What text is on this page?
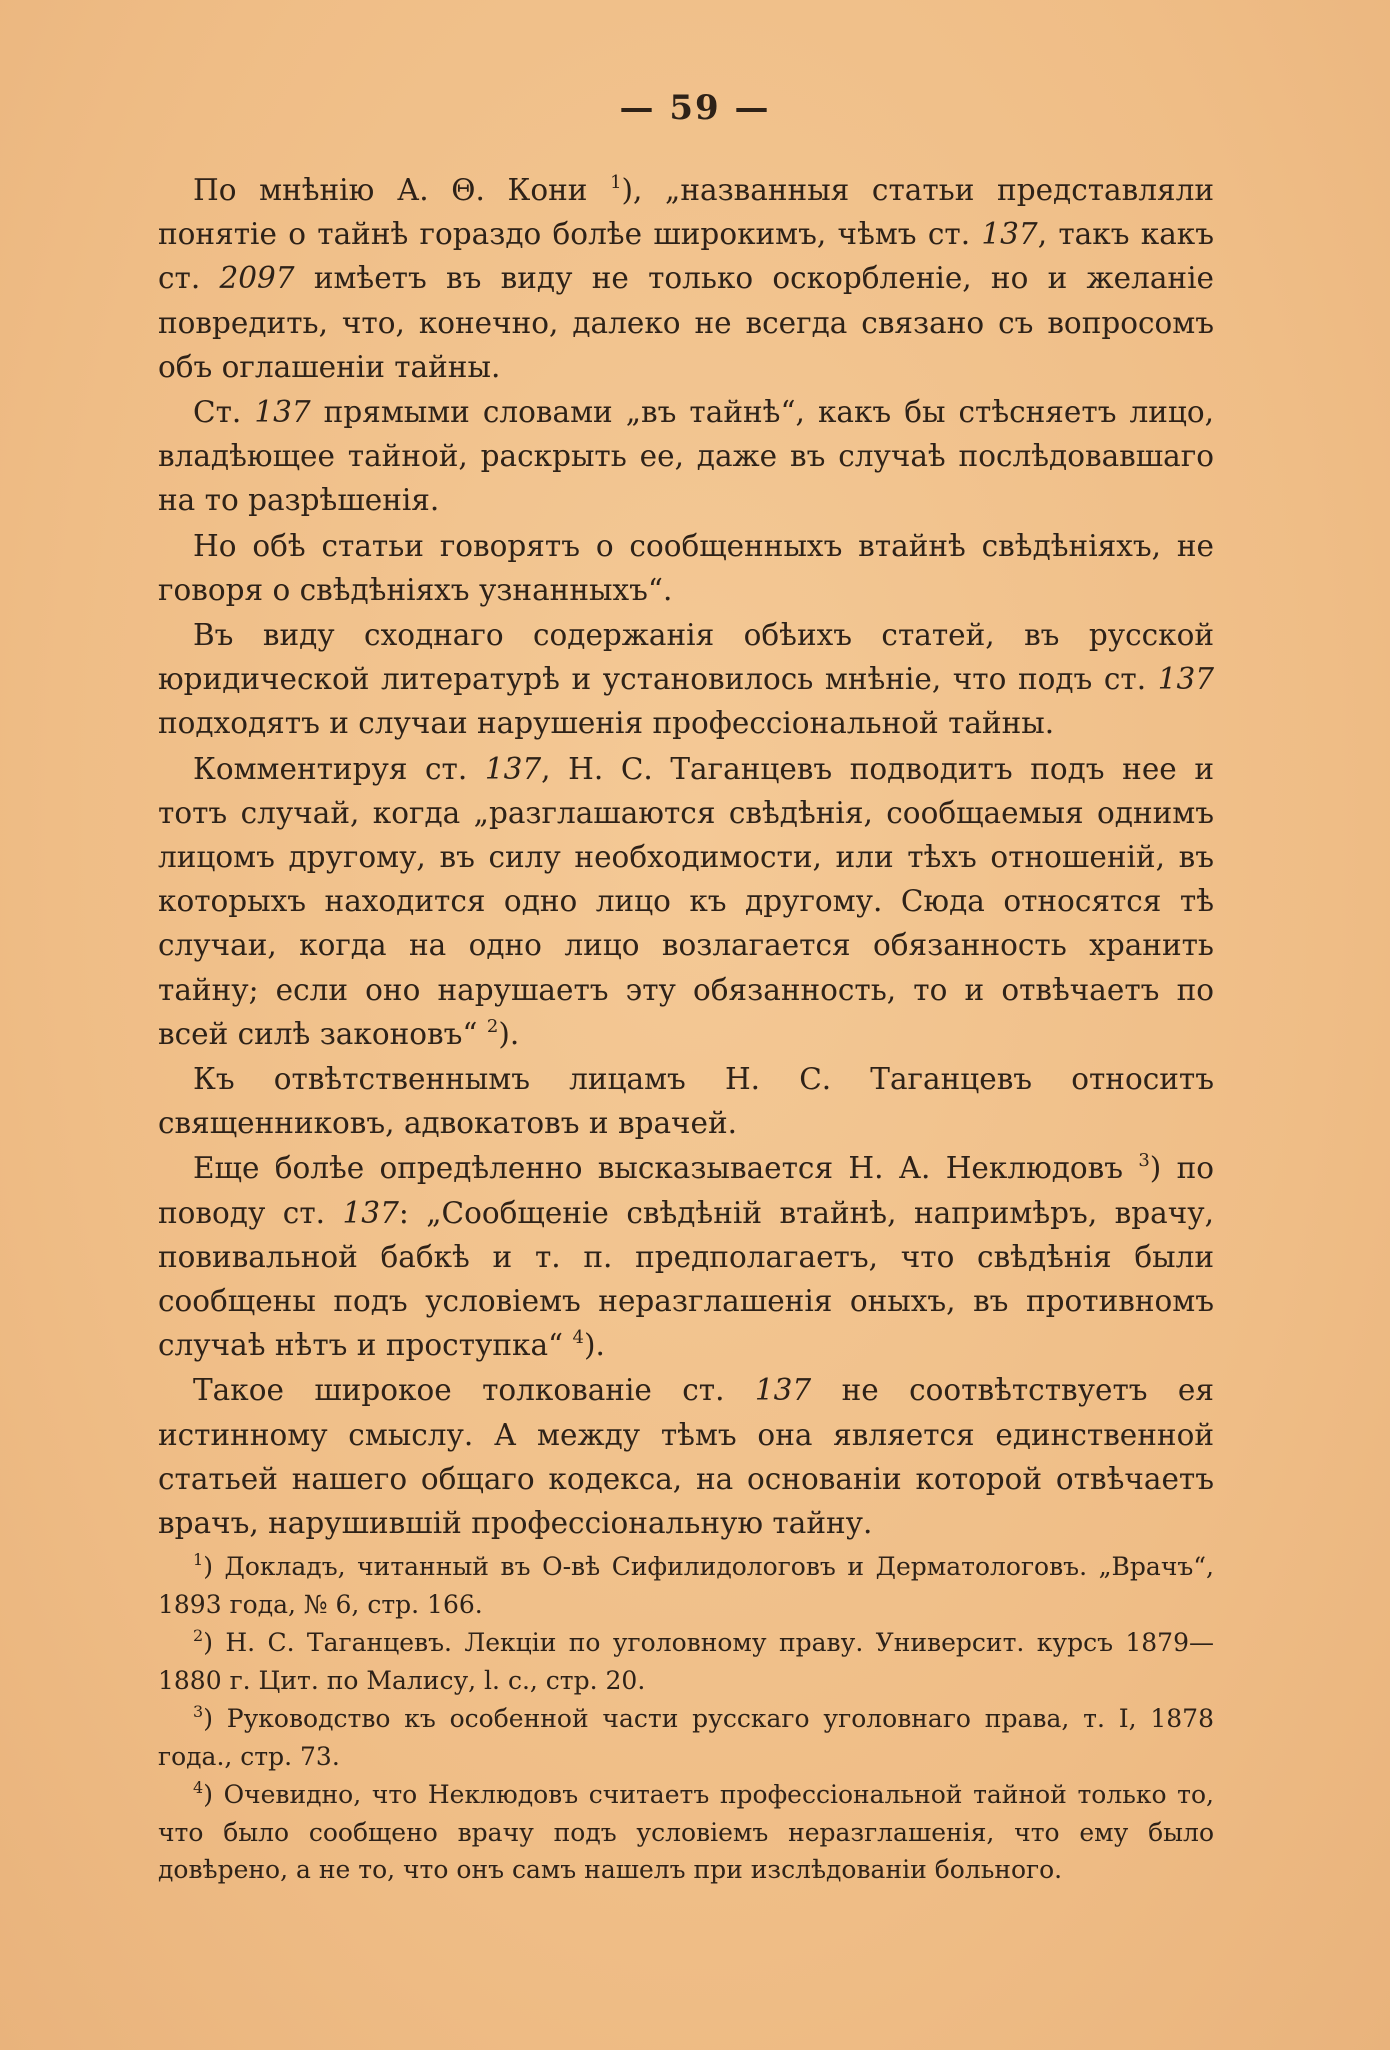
— 59 —

По мнѣнію А. Θ. Кони $^1$), „названныя статьи представляли понятіе о тайнѣ гораздо болѣе широкимъ, чѣмъ ст. 137, такъ какъ ст. 2097 имѣетъ въ виду не только оскорбленіе, но и желаніе повредить, что, конечно, далеко не всегда связано съ вопросомъ объ оглашеніи тайны.

Ст. 137 прямыми словами „въ тайнѣ“, какъ бы стѣсняетъ лицо, владѣющее тайной, раскрыть ее, даже въ случаѣ послѣдовавшаго на то разрѣшенія.

Но обѣ статьи говорятъ о сообщенныхъ втайнѣ свѣдѣніяхъ, не говоря о свѣдѣніяхъ узнанныхъ“.

Въ виду сходнаго содержанія обѣихъ статей, въ русской юридической литературѣ и установилось мнѣніе, что подъ ст. 137 подходятъ и случаи нарушенія профессіональной тайны.

Комментируя ст. 137, Н. С. Таганцевъ подводитъ подъ нее и тотъ случай, когда „разглашаются свѣдѣнія, сообщаемыя однимъ лицомъ другому, въ силу необходимости, или тѣхъ отношеній, въ которыхъ находится одно лицо къ другому. Сюда относятся тѣ случаи, когда на одно лицо возлагается обязанность хранить тайну; если оно нарушаетъ эту обязанность, то и отвѣчаетъ по всей силѣ законовъ“ $^2$).

Къ отвѣтственнымъ лицамъ Н. С. Таганцевъ относитъ священниковъ, адвокатовъ и врачей.

Еще болѣе опредѣленно высказывается Н. А. Неклюдовъ $^3$) по поводу ст. 137: „Сообщеніе свѣдѣній втайнѣ, напримѣръ, врачу, повивальной бабкѣ и т. п. предполагаетъ, что свѣдѣнія были сообщены подъ условіемъ неразглашенія оныхъ, въ противномъ случаѣ нѣтъ и проступка“ $^4$).

Такое широкое толкованіе ст. 137 не соотвѣтствуетъ ея истинному смыслу. А между тѣмъ она является единственной статьей нашего общаго кодекса, на основаніи которой отвѣчаетъ врачъ, нарушившій профессіональную тайну.

$^1$) Докладъ, читанный въ О-вѣ Сифилидологовъ и Дерматологовъ. „Врачъ“, 1893 года, № 6, стр. 166.

$^2$) Н. С. Таганцевъ. Лекціи по уголовному праву. Университ. курсъ 1879—1880 г. Цит. по Малису, l. c., стр. 20.

$^3$) Руководство къ особенной части русскаго уголовнаго права, т. I, 1878 года., стр. 73.

$^4$) Очевидно, что Неклюдовъ считаетъ профессіональной тайной только то, что было сообщено врачу подъ условіемъ неразглашенія, что ему было довѣрено, а не то, что онъ самъ нашелъ при изслѣдованіи больного.
